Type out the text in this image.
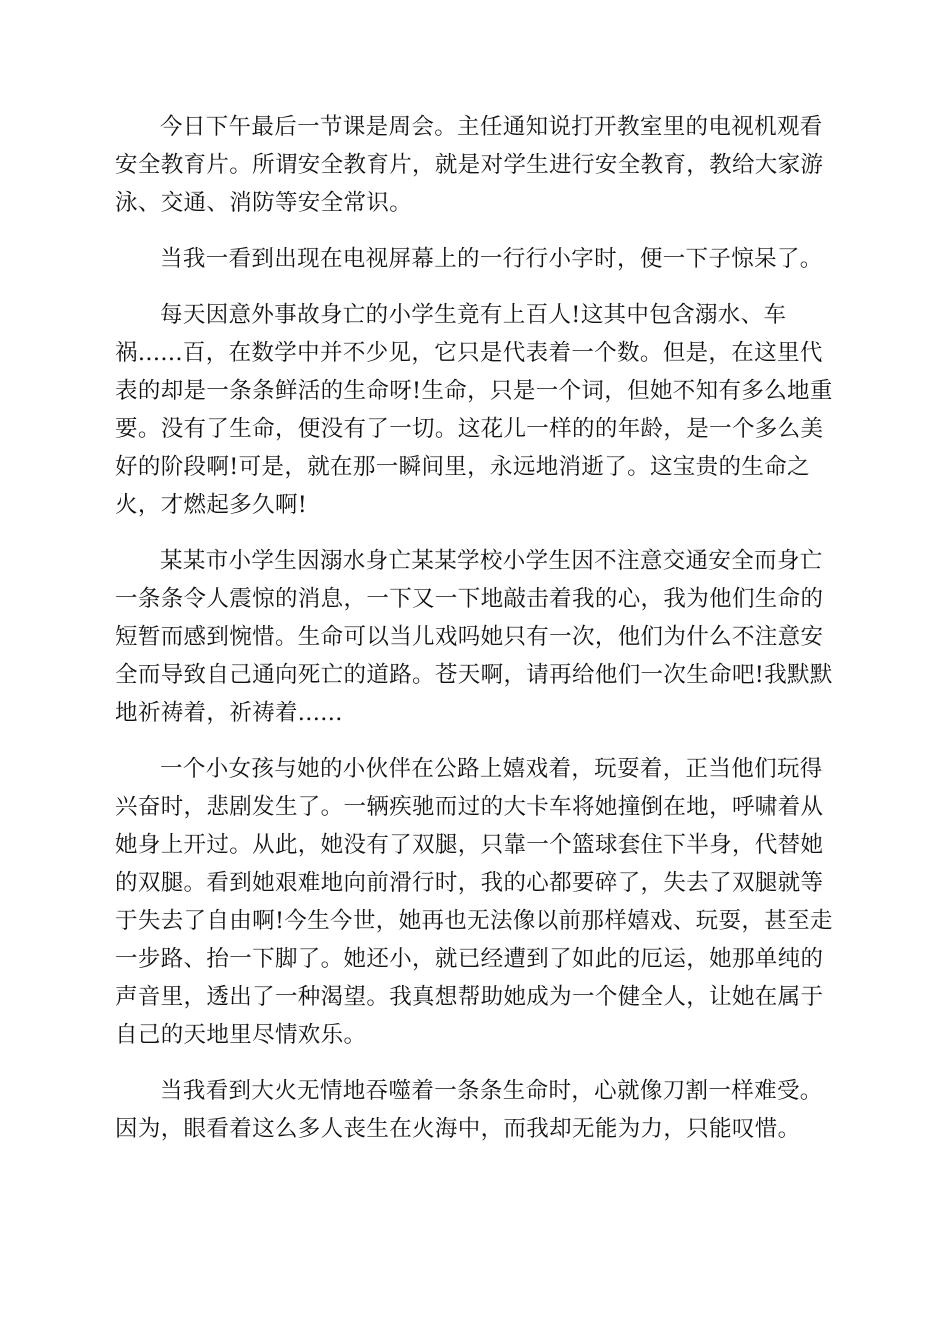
今日下午最后一节课是周会。主任通知说打开教室里的电视机观看安全教育片。所谓安全教育片，就是对学生进行安全教育，教给大家游泳、交通、消防等安全常识。

当我一看到出现在电视屏幕上的一行行小字时，便一下子惊呆了。

每天因意外事故身亡的小学生竟有上百人!这其中包含溺水、车祸......百，在数学中并不少见，它只是代表着一个数。但是，在这里代表的却是一条条鲜活的生命呀!生命，只是一个词，但她不知有多么地重要。没有了生命，便没有了一切。这花儿一样的的年龄，是一个多么美好的阶段啊!可是，就在那一瞬间里，永远地消逝了。这宝贵的生命之火，才燃起多久啊!

某某市小学生因溺水身亡某某学校小学生因不注意交通安全而身亡一条条令人震惊的消息，一下又一下地敲击着我的心，我为他们生命的短暂而感到惋惜。生命可以当儿戏吗她只有一次，他们为什么不注意安全而导致自己通向死亡的道路。苍天啊，请再给他们一次生命吧!我默默地祈祷着，祈祷着......

一个小女孩与她的小伙伴在公路上嬉戏着，玩耍着，正当他们玩得兴奋时，悲剧发生了。一辆疾驰而过的大卡车将她撞倒在地，呼啸着从她身上开过。从此，她没有了双腿，只靠一个篮球套住下半身，代替她的双腿。看到她艰难地向前滑行时，我的心都要碎了，失去了双腿就等于失去了自由啊!今生今世，她再也无法像以前那样嬉戏、玩耍，甚至走一步路、抬一下脚了。她还小，就已经遭到了如此的厄运，她那单纯的声音里，透出了一种渴望。我真想帮助她成为一个健全人，让她在属于自己的天地里尽情欢乐。

当我看到大火无情地吞噬着一条条生命时，心就像刀割一样难受。因为，眼看着这么多人丧生在火海中，而我却无能为力，只能叹惜。
